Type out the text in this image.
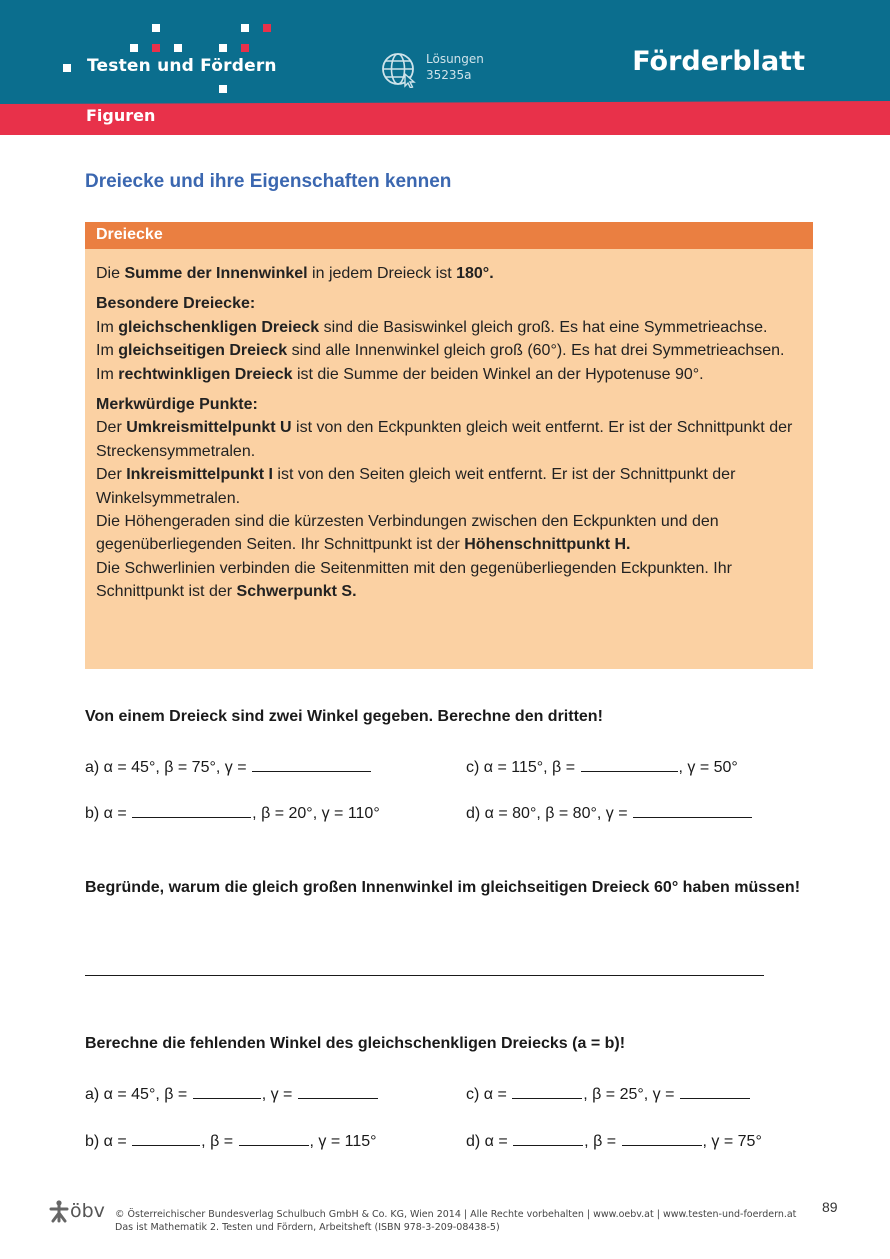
Testen und Fördern	Lösungen
35235a	Förderblatt
Figuren
Dreiecke und ihre Eigenschaften kennen
Dreiecke

Die Summe der Innenwinkel in jedem Dreieck ist 180°.

Besondere Dreiecke:
Im gleichschenkligen Dreieck sind die Basiswinkel gleich groß. Es hat eine Symmetrieachse.
Im gleichseitigen Dreieck sind alle Innenwinkel gleich groß (60°). Es hat drei Symmetrieachsen.
Im rechtwinkligen Dreieck ist die Summe der beiden Winkel an der Hypotenuse 90°.

Merkwürdige Punkte:
Der Umkreismittelpunkt U ist von den Eckpunkten gleich weit entfernt. Er ist der Schnittpunkt der Streckensymmetralen.
Der Inkreismittelpunkt I ist von den Seiten gleich weit entfernt. Er ist der Schnittpunkt der Winkelsymmetralen.
Die Höhengeraden sind die kürzesten Verbindungen zwischen den Eckpunkten und den gegenüberliegenden Seiten. Ihr Schnittpunkt ist der Höhenschnittpunkt H.
Die Schwerlinien verbinden die Seitenmitten mit den gegenüberliegenden Eckpunkten. Ihr Schnittpunkt ist der Schwerpunkt S.

Von einem Dreieck sind zwei Winkel gegeben. Berechne den dritten!
a) α = 45°, β = 75°, γ =	c) α = 115°, β =	, γ = 50°
b) α =	, β = 20°, γ = 110°	d) α = 80°, β = 80°, γ =
Begründe, warum die gleich großen Innenwinkel im gleichseitigen Dreieck 60° haben müssen!
Berechne die fehlenden Winkel des gleichschenkligen Dreiecks (a = b)!
a) α = 45°, β =	, γ =	c) α =	, β = 25°, γ =
b) α =	, β =	, γ = 115°	d) α =	, β =	, γ = 75°
öbv © Österreichischer Bundesverlag Schulbuch GmbH & Co. KG, Wien 2014 | Alle Rechte vorbehalten | www.oebv.at | www.testen-und-foerdern.at
Das ist Mathematik 2. Testen und Fördern, Arbeitsheft (ISBN 978-3-209-08438-5)
89
